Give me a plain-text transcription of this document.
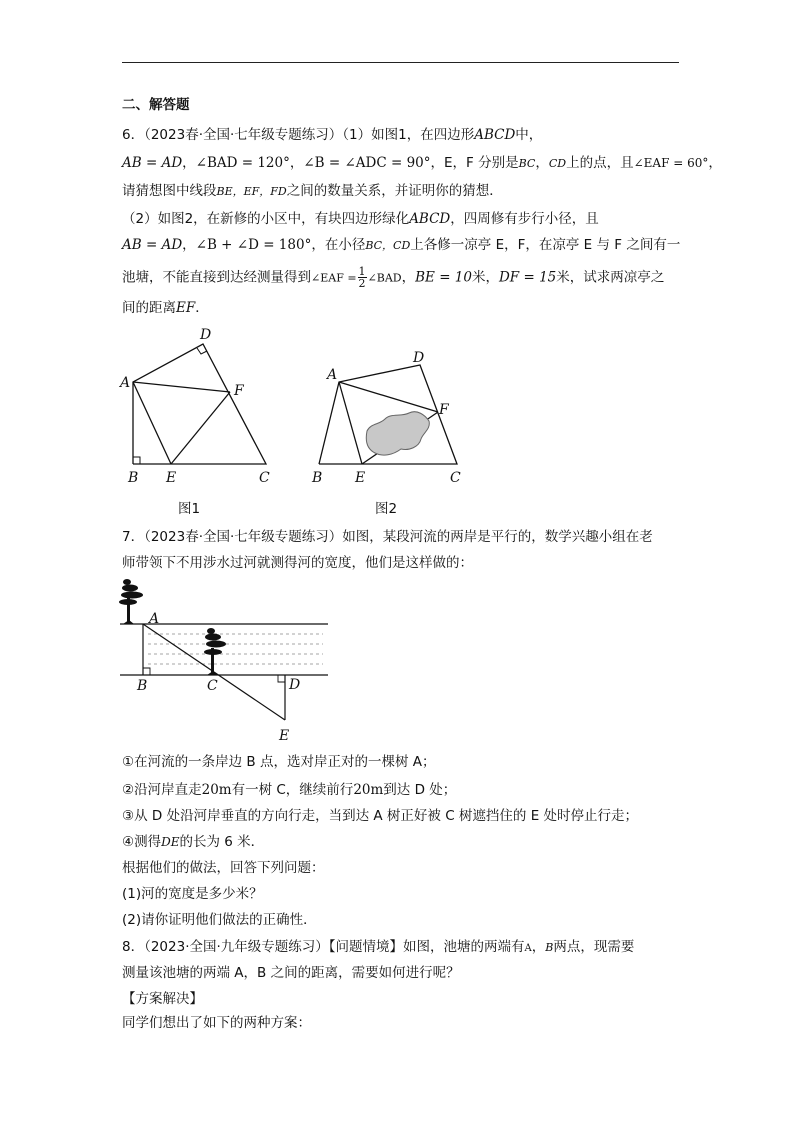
二、解答题
6．（2023春·全国·七年级专题练习）（1）如图1，在四边形ABCD中，
AB = AD，∠BAD = 120°，∠B = ∠ADC = 90°，E，F 分别是BC，CD上的点，且∠EAF = 60°，
请猜想图中线段BE，EF，FD之间的数量关系，并证明你的猜想．
（2）如图2，在新修的小区中，有块四边形绿化ABCD，四周修有步行小径，且
AB = AD，∠B + ∠D = 180°，在小径BC，CD上各修一凉亭 E，F，在凉亭 E 与 F 之间有一
池塘，不能直接到达经测量得到∠EAF = $\frac{1}{2}$ ∠BAD，BE = 10米，DF = 15米，试求两凉亭之
间的距离EF．
D
A	F
B E	C
图1
D
A
F
B E	C
图2
7．（2023春·全国·七年级专题练习）如图，某段河流的两岸是平行的，数学兴趣小组在老
师带领下不用涉水过河就测得河的宽度，他们是这样做的：
A
B	C	D
E
①在河流的一条岸边 B 点，选对岸正对的一棵树 A；
②沿河岸直走20m有一树 C，继续前行20m到达 D 处；
③从 D 处沿河岸垂直的方向行走，当到达 A 树正好被 C 树遮挡住的 E 处时停止行走；
④测得DE的长为 6 米．
根据他们的做法，回答下列问题：
(1)河的宽度是多少米？
(2)请你证明他们做法的正确性．
8．（2023·全国·九年级专题练习）【问题情境】如图，池塘的两端有A，B两点，现需要
测量该池塘的两端 A，B 之间的距离，需要如何进行呢？
【方案解决】
同学们想出了如下的两种方案：
